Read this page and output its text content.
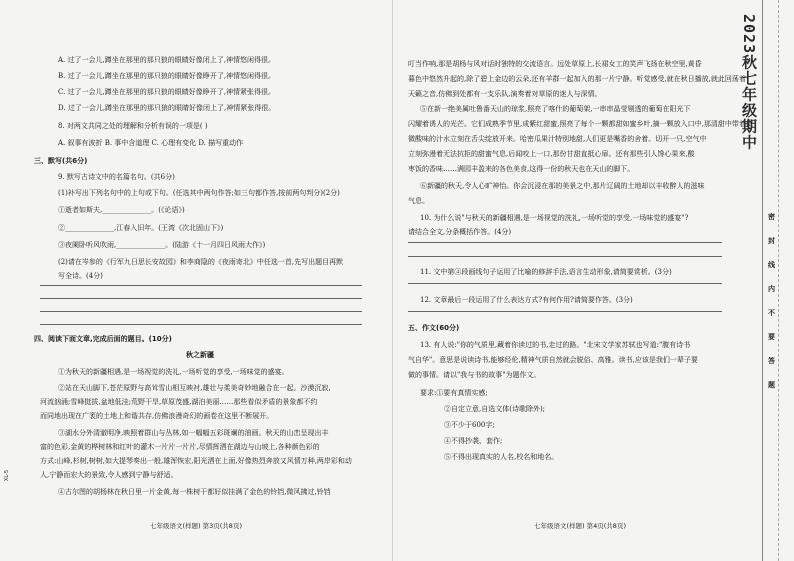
A. 过了一会儿,蹲坐在那里的那只狼的眼睛好像闭上了,神情悠闲得很。
B. 过了一会儿,蹲坐在那里的那只狼的眼睛好像睁开了,神情悠闲得很。
C. 过了一会儿,蹲坐在那里的那只狼的眼睛好像睁开了,神情紧张得很。
D. 过了一会儿,蹲坐在那里的那只狼的眼睛好像闭上了,神情紧张得很。
8. 对两文共同之处的理解和分析有误的一项是( )
A. 叙事有波折 B. 事中含道理 C. 心理有变化 D. 描写重动作
三、默写(共6分)
9. 默写古诗文中的名篇名句。(共6分)
(1)补写出下列名句中的上句或下句。(任选其中两句作答;如三句都作答,按前两句判分)(2分)
①逝者如斯夫,______________。(《论语》)
②______________,江春入旧年。(王湾《次北固山下》)
③夜阑卧听风吹雨,______________。(陆游《十一月四日风雨大作》)
(2)请在岑参的《行军九日思长安故园》和李商隐的《夜雨寄北》中任选一首,先写出题目再默
写全诗。(4分)
四、阅读下面文章,完成后面的题目。(10分)
秋之新疆
①为秋天的新疆相遇,是一场视觉的洗礼,一场听觉的享受,一场味觉的盛宴。
②站在天山脚下,苍茫原野与高耸雪山相互映衬,雄壮与柔美奇妙地融合在一起。沙漠沉寂,
河流汹涌;雪峰挺拔,盆地低洼;荒野干旱,草原茂盛,湖泊美丽……那些看似矛盾的景象都不约
而同地出现在广袤的土地上和谐共存,仿佛浪漫奇幻的画卷在这里不断展开。
③湖水分外清澈明净,映照着群山与丛林,如一幅幅五彩斑斓的油画。秋天的山峦呈现出丰
富的色彩,金黄的桦树林和红叶的灌木一片片一片片,尽情挥洒在湖边与山坡上,各种颜色彩的
方式:山峰,杉树,树树,如大提琴奏出一般,雄浑恢宏,阳光洒在上面,好像热烈奔放又风情万种,两岸彩和动
人,宁静而宏大的景致,令人感到宁静与舒适。
④古尔图的胡杨林在秋日里一片金黄,每一株树干都好似挂满了金色的铃铛,微风拂过,铃铛
叮当作响,那是胡杨与风对话时独特的交流语言。远处草原上,长裙女工的笑声飞扬在秋空里,黄昏
暮色中悠然升起的,除了碧上金边的云朵,还有羊群一起加入的那一片宁静。听觉感受,就在秋日播放,就此回荡着
天籁之音,仿佛到处都有一支乐队,演奏着对草原的迷人与深情。
⑤在新一绝美属吐鲁番天山的琼浆,照亮了喀什的葡萄架,一串串晶莹剔透的葡萄在阳光下
闪耀着诱人的光芒。它们成熟季节里,成紫红甜蜜,照亮了每个一颗都甜如蜜乡叶,摘一颗放入口中,那清甜中带着微
微酸味的汁水立刻在舌尖绽放开来。哈密瓜果汁特别地甜,人们更是嘴香的舍着。切开一只,空气中
立刻弥漫着无法抗拒的甜蜜气息,后闻咬上一口,那份甘甜直抵心扉。还有那些引人馋心果来,酸
枣饭的香味……满园丰盈来的各色美食,这得一份的秋天也在天山的脚下。
⑥新疆的秋天,令人心旷神怡。你会沉浸在那的美景之中,那片辽阔的土地却以丰收醉人的滋味
气息。
10. 为什么说"与秋天的新疆相遇,是一场视觉的洗礼,一场听觉的享受,一场味觉的盛宴"?
请结合全文,分条概括作答。(4分)
11. 文中第④段画线句子运用了比喻的修辞手法,语言生动形象,请简要赏析。(3分)
12. 文章最后一段运用了什么表达方式?有何作用?请简要作答。(3分)
五、作文(60分)
13. 有人说:"你的气质里,藏着你读过的书,走过的路。"北宋文学家苏轼也写道:"腹有诗书
气自华"。意思是说读诗书,能够经伦,精神气质自然就会脱俗、高雅。读书,应该是我们一辈子要
做的事情。请以"我与书的故事"为题作文。
要求:①要有真情实感;
②自定立意,自选文体(诗歌除外);
③不少于600字;
④不得抄袭、套作;
⑤不得出现真实的人名,校名和地名。
七年级语文(样题) 第3页(共8页)	七年级语文(样题) 第4页(共8页)
2023秋七年级期中
密
封
线
内
不
要
答
题
XL-5
